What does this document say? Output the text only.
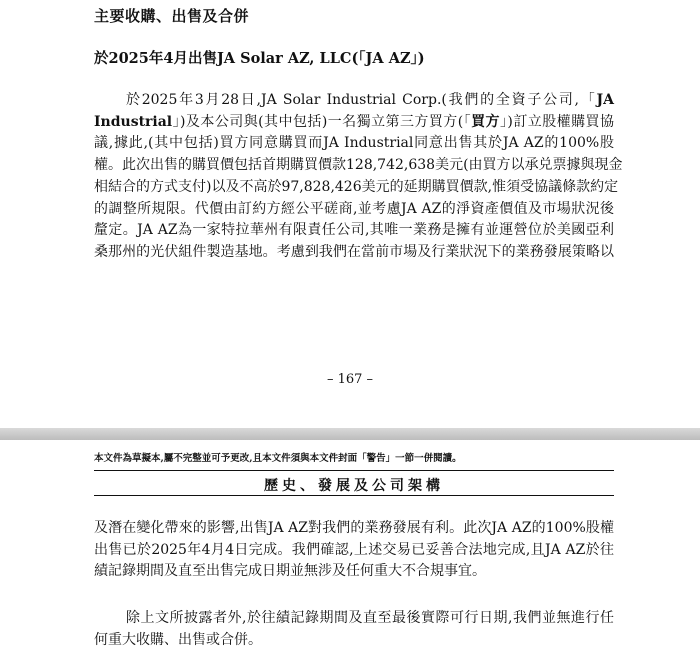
主要收購、出售及合併
於2025年4月出售JA Solar AZ, LLC(「JA AZ」)
於2025年3月28日,JA Solar Industrial Corp.(我們的全資子公司,「JA
Industrial」)及本公司與(其中包括)一名獨立第三方買方(「買方」)訂立股權購買協
議,據此,(其中包括)買方同意購買而JA Industrial同意出售其於JA AZ的100%股
權。此次出售的購買價包括首期購買價款128,742,638美元(由買方以承兑票據與現金
相結合的方式支付)以及不高於97,828,426美元的延期購買價款,惟須受協議條款約定
的調整所規限。代價由訂約方經公平磋商,並考慮JA AZ的淨資產價值及市場狀況後
釐定。JA AZ為一家特拉華州有限責任公司,其唯一業務是擁有並運營位於美國亞利
桑那州的光伏組件製造基地。考慮到我們在當前市場及行業狀況下的業務發展策略以
– 167 –
本文件為草擬本,屬不完整並可予更改,且本文件須與本文件封面「警告」一節一併閱讀。
歷史、發展及公司架構
及潛在變化帶來的影響,出售JA AZ對我們的業務發展有利。此次JA AZ的100%股權
出售已於2025年4月4日完成。我們確認,上述交易已妥善合法地完成,且JA AZ於往
績記錄期間及直至出售完成日期並無涉及任何重大不合規事宜。
除上文所披露者外,於往績記錄期間及直至最後實際可行日期,我們並無進行任
何重大收購、出售或合併。
